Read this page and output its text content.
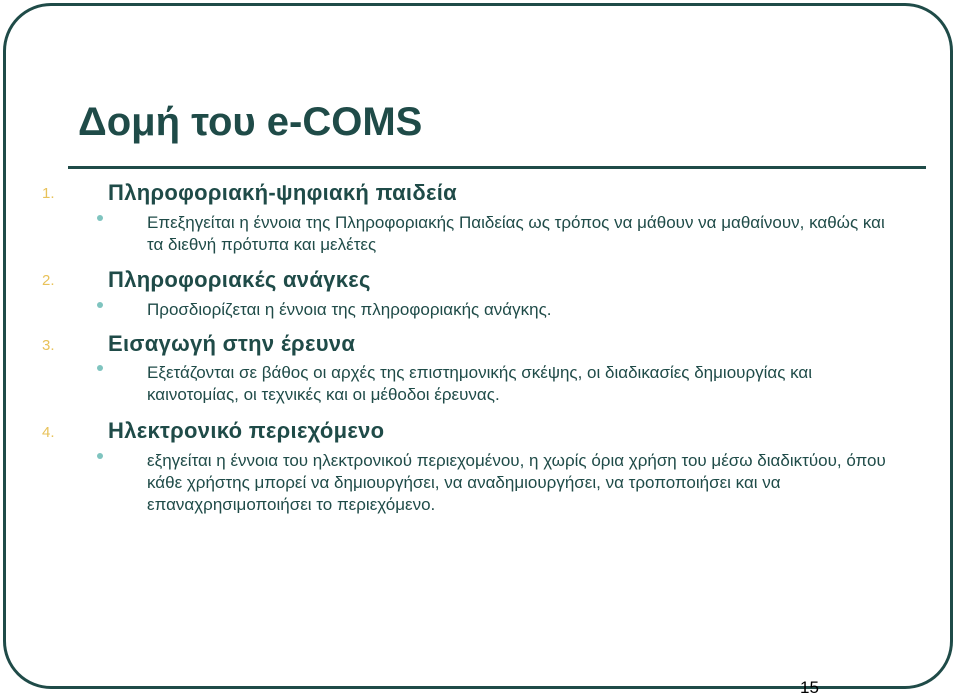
Δομή του e-COMS
1. Πληροφοριακή-ψηφιακή παιδεία

Επεξηγείται η έννοια της Πληροφοριακής Παιδείας ως τρόπος να μάθουν να μαθαίνουν, καθώς και τα διεθνή πρότυπα και μελέτες

2. Πληροφοριακές ανάγκες

Προσδιορίζεται η έννοια της πληροφοριακής ανάγκης.

3. Εισαγωγή στην έρευνα

Εξετάζονται σε βάθος οι αρχές της επιστημονικής σκέψης, οι διαδικασίες δημιουργίας και καινοτομίας, οι τεχνικές και οι μέθοδοι έρευνας.

4. Ηλεκτρονικό περιεχόμενο

εξηγείται η έννοια του ηλεκτρονικού περιεχομένου, η χωρίς όρια χρήση του μέσω διαδικτύου, όπου κάθε χρήστης μπορεί να δημιουργήσει, να αναδημιουργήσει, να τροποποιήσει και να επαναχρησιμοποιήσει το περιεχόμενο.

15
